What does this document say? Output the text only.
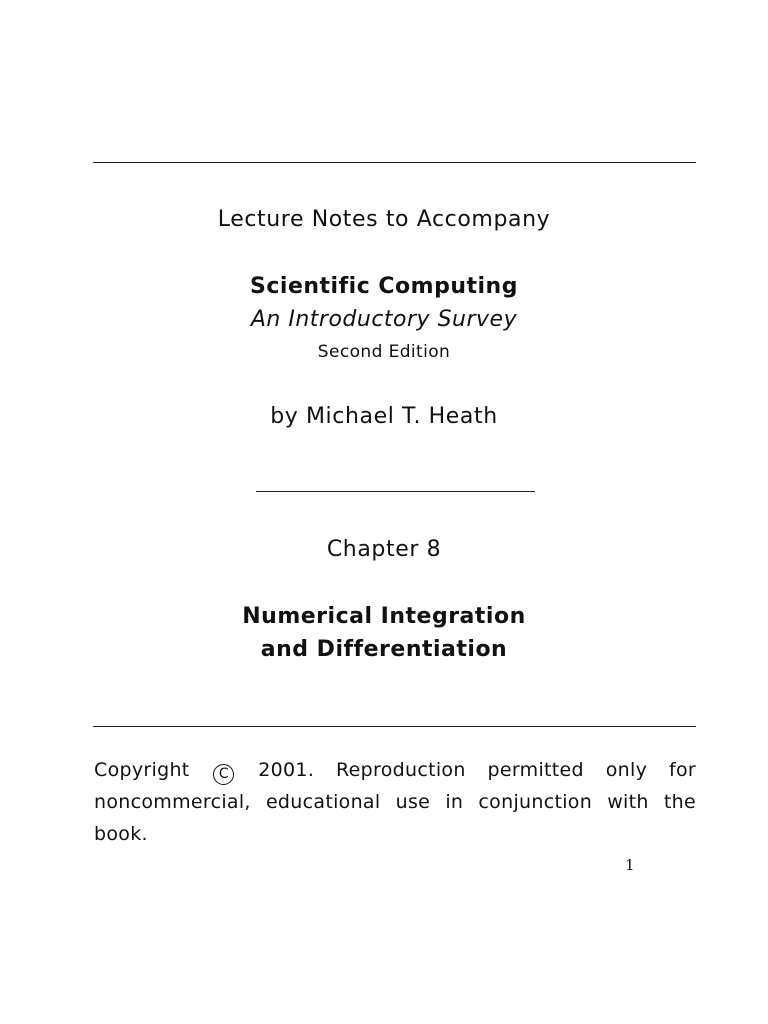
Lecture Notes to Accompany

Scientific Computing

An Introductory Survey

Second Edition

by Michael T. Heath

Chapter 8

Numerical Integration

and Differentiation

Copyright C 2001. Reproduction permitted only for noncommercial, educational use in conjunction with the book.

1
